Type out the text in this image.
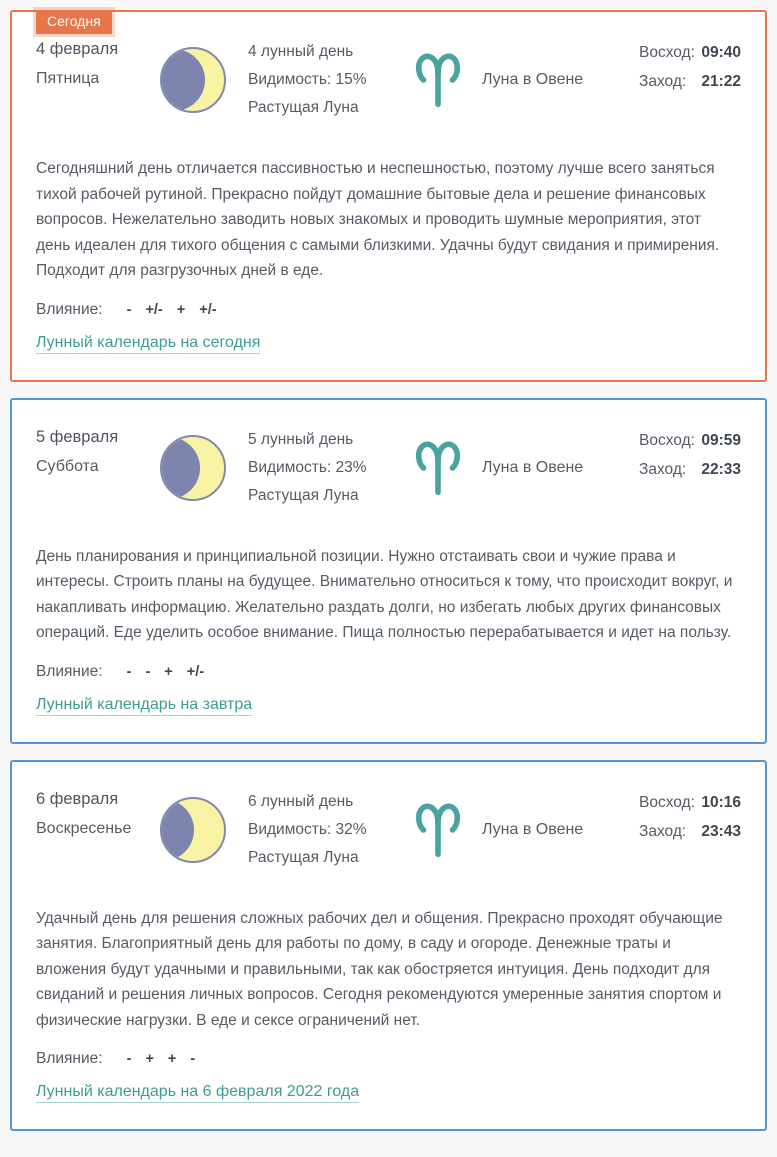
Сегодня
4 февраля
Пятница
4 лунный день
Видимость: 15%
Растущая Луна
Луна в Овене
Восход: 09:40
Заход: 21:22

Сегодняшний день отличается пассивностью и неспешностью, поэтому лучше всего заняться тихой рабочей рутиной. Прекрасно пойдут домашние бытовые дела и решение финансовых вопросов. Нежелательно заводить новых знакомых и проводить шумные мероприятия, этот день идеален для тихого общения с самыми близкими. Удачны будут свидания и примирения. Подходит для разгрузочных дней в еде.

Влияние: - +/- + +/-
Лунный календарь на сегодня
5 февраля
Суббота
5 лунный день
Видимость: 23%
Растущая Луна
Луна в Овене
Восход: 09:59
Заход: 22:33

День планирования и принципиальной позиции. Нужно отстаивать свои и чужие права и интересы. Строить планы на будущее. Внимательно относиться к тому, что происходит вокруг, и накапливать информацию. Желательно раздать долги, но избегать любых других финансовых операций. Еде уделить особое внимание. Пища полностью перерабатывается и идет на пользу.

Влияние: - - + +/-
Лунный календарь на завтра
6 февраля
Воскресенье
6 лунный день
Видимость: 32%
Растущая Луна
Луна в Овене
Восход: 10:16
Заход: 23:43

Удачный день для решения сложных рабочих дел и общения. Прекрасно проходят обучающие занятия. Благоприятный день для работы по дому, в саду и огороде. Денежные траты и вложения будут удачными и правильными, так как обостряется интуиция. День подходит для свиданий и решения личных вопросов. Сегодня рекомендуются умеренные занятия спортом и физические нагрузки. В еде и сексе ограничений нет.

Влияние: - + + -
Лунный календарь на 6 февраля 2022 года
